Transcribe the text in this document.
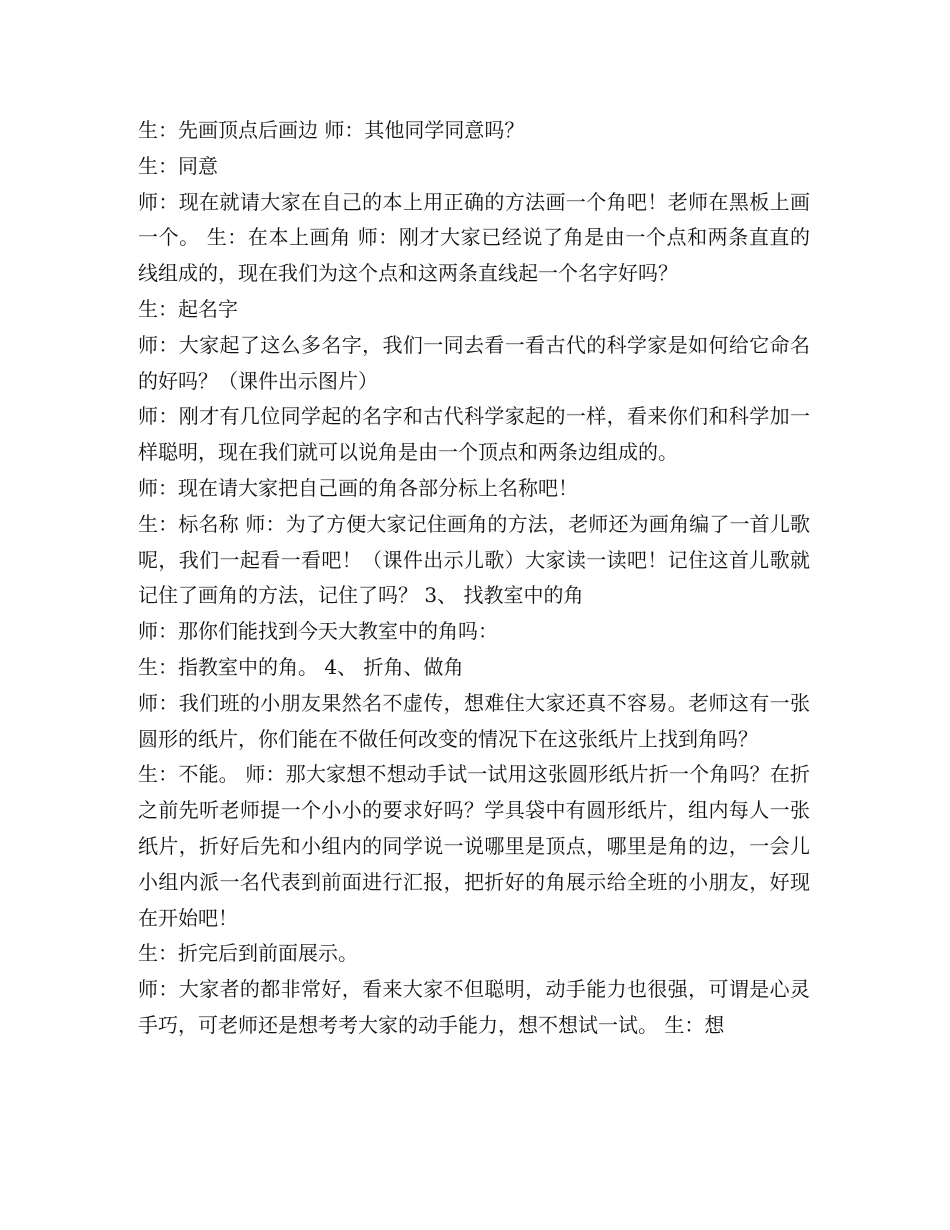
生：先画顶点后画边 师：其他同学同意吗？

生：同意

师：现在就请大家在自己的本上用正确的方法画一个角吧！老师在黑板上画一个。 生：在本上画角 师：刚才大家已经说了角是由一个点和两条直直的线组成的，现在我们为这个点和这两条直线起一个名字好吗？

生：起名字

师：大家起了这么多名字，我们一同去看一看古代的科学家是如何给它命名的好吗？（课件出示图片）

师：刚才有几位同学起的名字和古代科学家起的一样，看来你们和科学加一样聪明，现在我们就可以说角是由一个顶点和两条边组成的。

师：现在请大家把自己画的角各部分标上名称吧！

生：标名称 师：为了方便大家记住画角的方法，老师还为画角编了一首儿歌呢，我们一起看一看吧！（课件出示儿歌）大家读一读吧！记住这首儿歌就记住了画角的方法，记住了吗？ 3、 找教室中的角

师：那你们能找到今天大教室中的角吗：

生：指教室中的角。 4、 折角、做角

师：我们班的小朋友果然名不虚传，想难住大家还真不容易。老师这有一张圆形的纸片，你们能在不做任何改变的情况下在这张纸片上找到角吗？

生：不能。 师：那大家想不想动手试一试用这张圆形纸片折一个角吗？在折之前先听老师提一个小小的要求好吗？学具袋中有圆形纸片，组内每人一张纸片，折好后先和小组内的同学说一说哪里是顶点，哪里是角的边，一会儿小组内派一名代表到前面进行汇报，把折好的角展示给全班的小朋友，好现在开始吧！

生：折完后到前面展示。

师：大家者的都非常好，看来大家不但聪明，动手能力也很强，可谓是心灵手巧，可老师还是想考考大家的动手能力，想不想试一试。 生：想
